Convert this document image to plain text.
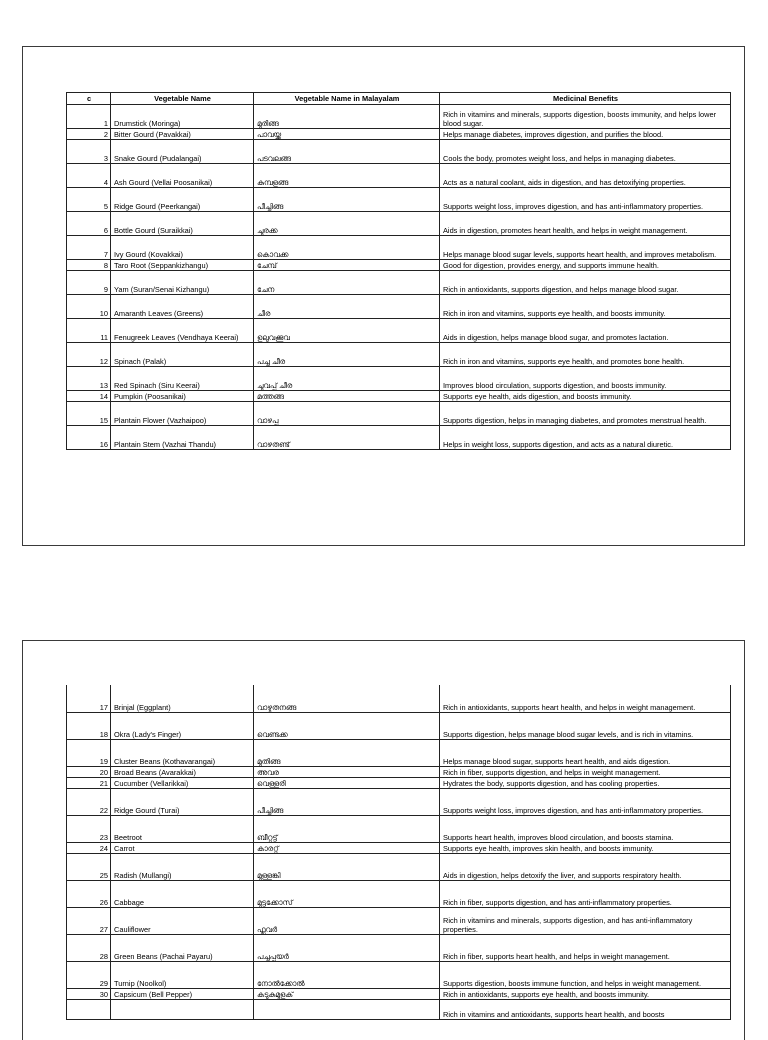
c	Vegetable Name	Vegetable Name in Malayalam	Medicinal Benefits
1	Drumstick (Moringa)	മുരിങ്ങ	Rich in vitamins and minerals, supports digestion, boosts immunity, and helps lower blood sugar.
2	Bitter Gourd (Pavakkai)	പാവയ്ക്ക	Helps manage diabetes, improves digestion, and purifies the blood.
3	Snake Gourd (Pudalangai)	പടവലങ്ങ	Cools the body, promotes weight loss, and helps in managing diabetes.
4	Ash Gourd (Vellai Poosanikai)	കുമ്പളങ്ങ	Acts as a natural coolant, aids in digestion, and has detoxifying properties.
5	Ridge Gourd (Peerkangai)	പീച്ചിങ്ങ	Supports weight loss, improves digestion, and has anti-inflammatory properties.
6	Bottle Gourd (Suraikkai)	ചുരക്ക	Aids in digestion, promotes heart health, and helps in weight management.
7	Ivy Gourd (Kovakkai)	കൊവക്ക	Helps manage blood sugar levels, supports heart health, and improves metabolism.
8	Taro Root (Seppankizhangu)	ചേമ്പ്	Good for digestion, provides energy, and supports immune health.
9	Yam (Suran/Senai Kizhangu)	ചേന	Rich in antioxidants, supports digestion, and helps manage blood sugar.
10	Amaranth Leaves (Greens)	ചീര	Rich in iron and vitamins, supports eye health, and boosts immunity.
11	Fenugreek Leaves (Vendhaya Keerai)	ഉലുവക്കൂവ	Aids in digestion, helps manage blood sugar, and promotes lactation.
12	Spinach (Palak)	പച്ച ചീര	Rich in iron and vitamins, supports eye health, and promotes bone health.
13	Red Spinach (Siru Keerai)	ചുവപ്പ് ചീര	Improves blood circulation, supports digestion, and boosts immunity.
14	Pumpkin (Poosanikai)	മത്തങ്ങ	Supports eye health, aids digestion, and boosts immunity.
15	Plantain Flower (Vazhaipoo)	വാഴപ്പൂ	Supports digestion, helps in managing diabetes, and promotes menstrual health.
16	Plantain Stem (Vazhai Thandu)	വാഴതണ്ട്	Helps in weight loss, supports digestion, and acts as a natural diuretic.
17	Brinjal (Eggplant)	വാഴുതനങ്ങ	Rich in antioxidants, supports heart health, and helps in weight management.
18	Okra (Lady's Finger)	വെണ്ടക്ക	Supports digestion, helps manage blood sugar levels, and is rich in vitamins.
19	Cluster Beans (Kothavarangai)	മുതിങ്ങ	Helps manage blood sugar, supports heart health, and aids digestion.
20	Broad Beans (Avarakkai)	അവര	Rich in fiber, supports digestion, and helps in weight management.
21	Cucumber (Vellarikkai)	വെള്ളരി	Hydrates the body, supports digestion, and has cooling properties.
22	Ridge Gourd (Turai)	പീച്ചിങ്ങ	Supports weight loss, improves digestion, and has anti-inflammatory properties.
23	Beetroot	ബീറ്റ്റൂട്ട്	Supports heart health, improves blood circulation, and boosts stamina.
24	Carrot	കാരറ്റ്	Supports eye health, improves skin health, and boosts immunity.
25	Radish (Mullangi)	മുള്ളങ്കി	Aids in digestion, helps detoxify the liver, and supports respiratory health.
26	Cabbage	മുട്ടക്കോസ്	Rich in fiber, supports digestion, and has anti-inflammatory properties.
27	Cauliflower	ഫ്ലവർ	Rich in vitamins and minerals, supports digestion, and has anti-inflammatory properties.
28	Green Beans (Pachai Payaru)	പച്ചപ്പയർ	Rich in fiber, supports heart health, and helps in weight management.
29	Turnip (Noolkol)	നോൽക്കോൽ	Supports digestion, boosts immune function, and helps in weight management.
30	Capsicum (Bell Pepper)	കടുകുമുളക്	Rich in antioxidants, supports eye health, and boosts immunity.
			Rich in vitamins and antioxidants, supports heart health, and boosts
